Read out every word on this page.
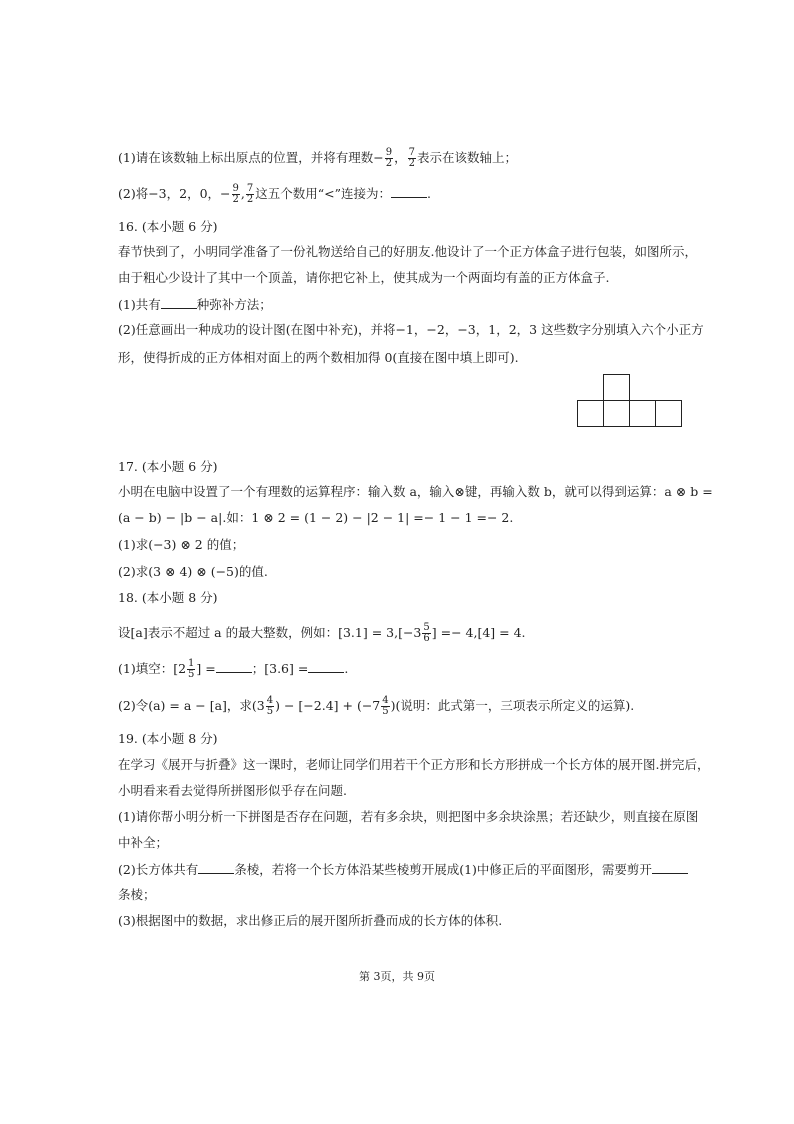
(1)请在该数轴上标出原点的位置，并将有理数− $\frac{9}{2}$ ， $\frac{7}{2}$ 表示在该数轴上；
(2)将−3，2，0，− $\frac{9}{2}$ , $\frac{7}{2}$ 这五个数用“<”连接为：	.
16. (本小题 6 分)
春节快到了，小明同学准备了一份礼物送给自己的好朋友.他设计了一个正方体盒子进行包装，如图所示，
由于粗心少设计了其中一个顶盖，请你把它补上，使其成为一个两面均有盖的正方体盒子.
(1)共有	种弥补方法；
(2)任意画出一种成功的设计图(在图中补充)，并将−1，−2，−3，1，2，3 这些数字分别填入六个小正方
形，使得折成的正方体相对面上的两个数相加得 0(直接在图中填上即可).
17. (本小题 6 分)
小明在电脑中设置了一个有理数的运算程序：输入数 a，输入⊗键，再输入数 b，就可以得到运算：a ⊗ b =
(a − b) − |b − a|.如：1 ⊗ 2 = (1 − 2) − |2 − 1| =− 1 − 1 =− 2.
(1)求(−3) ⊗ 2 的值；
(2)求(3 ⊗ 4) ⊗ (−5)的值.
18. (本小题 8 分)
设[a]表示不超过 a 的最大整数，例如：$[3.1] = 3,[-3 \frac{5}{6}$ ] =− 4,[4] = 4.
(1)填空：[$2 \frac{1}{5}$ ] =	；[3.6] =	.
(2)令(a) = a − [a]，求($3 \frac{4}{5}$ ) − $[-2.4] + (-7 \frac{4}{5}$ )(说明：此式第一，三项表示所定义的运算).
19. (本小题 8 分)
在学习《展开与折叠》这一课时，老师让同学们用若干个正方形和长方形拼成一个长方体的展开图.拼完后，
小明看来看去觉得所拼图形似乎存在问题.
(1)请你帮小明分析一下拼图是否存在问题，若有多余块，则把图中多余块涂黑；若还缺少，则直接在原图
中补全；
(2)长方体共有	条棱，若将一个长方体沿某些棱剪开展成(1)中修正后的平面图形，需要剪开
条棱；
(3)根据图中的数据，求出修正后的展开图所折叠而成的长方体的体积.
第 3页，共 9页
